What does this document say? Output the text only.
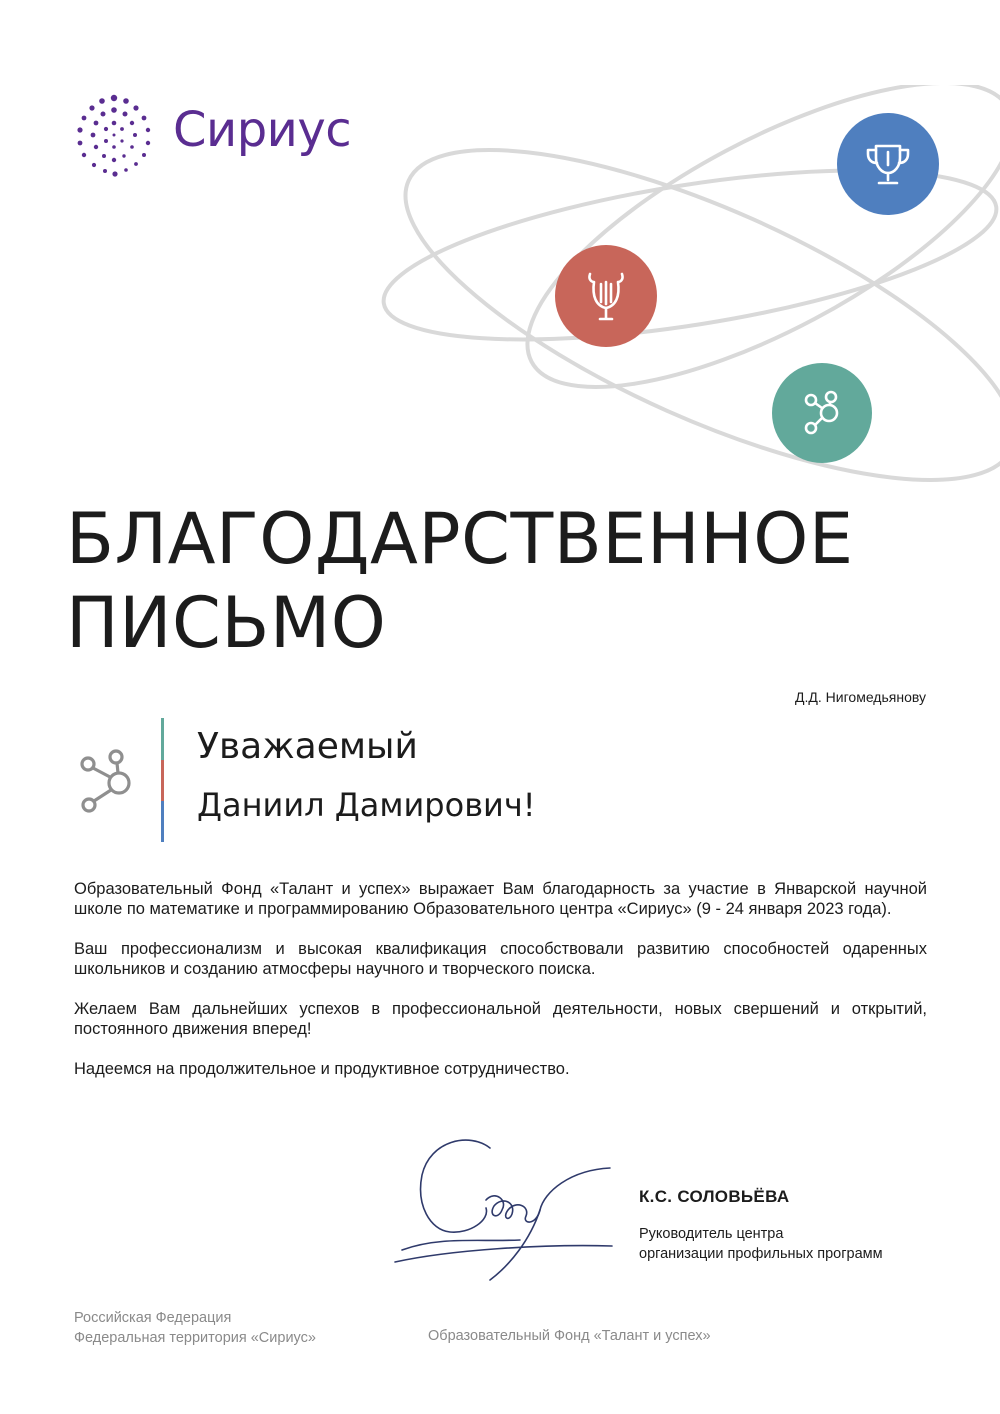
Сириус
БЛАГОДАРСТВЕННОЕ
ПИСЬМО
Д.Д. Нигомедьянову
Уважаемый
Даниил Дамирович!

Образовательный Фонд «Талант и успех» выражает Вам благодарность за участие в Январской научной школе по математике и программированию Образовательного центра «Сириус» (9 - 24 января 2023 года).

Ваш профессионализм и высокая квалификация способствовали развитию способностей одаренных школьников и созданию атмосферы научного и творческого поиска.

Желаем Вам дальнейших успехов в профессиональной деятельности, новых свершений и открытий, постоянного движения вперед!

Надеемся на продолжительное и продуктивное сотрудничество.

К.С. СОЛОВЬЁВА
Руководитель центра
организации профильных программ
Российская Федерация
Федеральная территория «Сириус»	Образовательный Фонд «Талант и успех»
